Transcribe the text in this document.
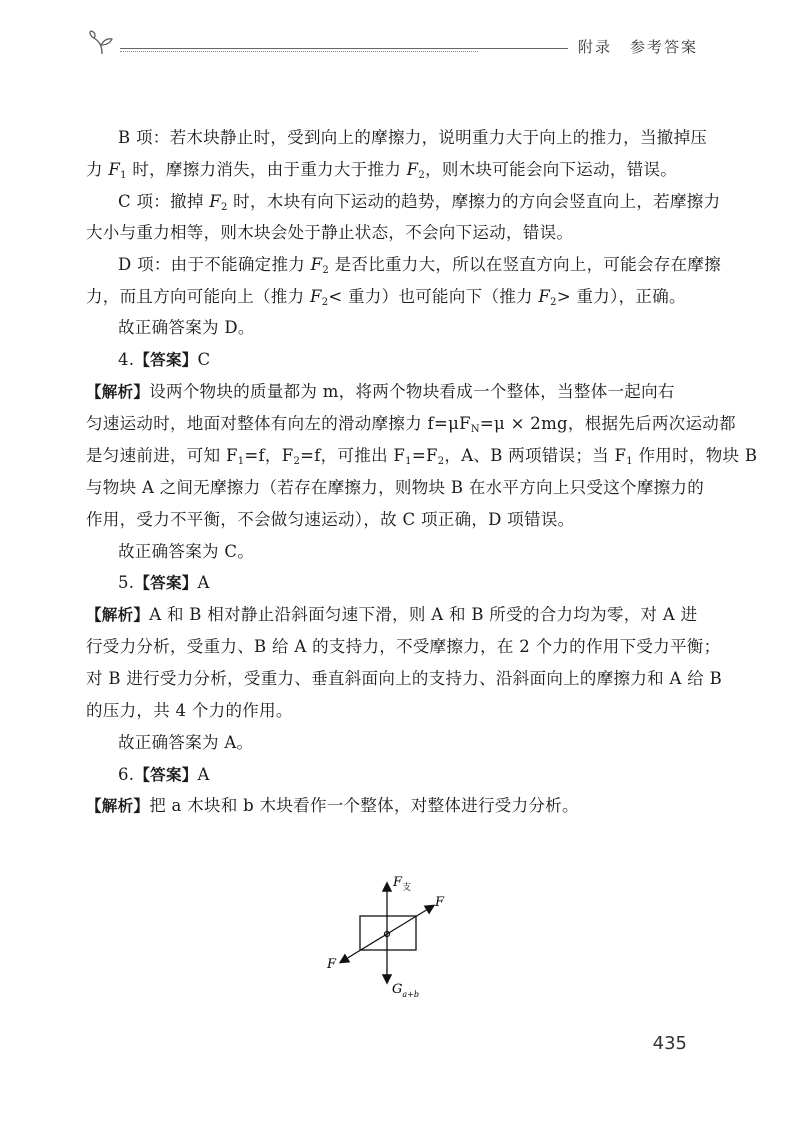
附录 参考答案
B 项：若木块静止时，受到向上的摩擦力，说明重力大于向上的推力，当撤掉压
力 $F_1$ 时，摩擦力消失，由于重力大于推力 $F_2$，则木块可能会向下运动，错误。
C 项：撤掉 $F_2$ 时，木块有向下运动的趋势，摩擦力的方向会竖直向上，若摩擦力
大小与重力相等，则木块会处于静止状态，不会向下运动，错误。
D 项：由于不能确定推力 $F_2$ 是否比重力大，所以在竖直方向上，可能会存在摩擦
力，而且方向可能向上（推力 $F_2<$ 重力）也可能向下（推力 $F_2>$ 重力），正确。
故正确答案为 D。
4.【答案】C
【解析】设两个物块的质量都为 m，将两个物块看成一个整体，当整体一起向右
匀速运动时，地面对整体有向左的滑动摩擦力 $f=\mu F_N=\mu \times 2mg$，根据先后两次运动都
是匀速前进，可知 $F_1=f$，$F_2=f$，可推出 $F_1=F_2$，A、B 两项错误；当 $F_1$ 作用时，物块 B
与物块 A 之间无摩擦力（若存在摩擦力，则物块 B 在水平方向上只受这个摩擦力的
作用，受力不平衡，不会做匀速运动），故 C 项正确，D 项错误。
故正确答案为 C。
5.【答案】A
【解析】A 和 B 相对静止沿斜面匀速下滑，则 A 和 B 所受的合力均为零，对 A 进
行受力分析，受重力、B 给 A 的支持力，不受摩擦力，在 2 个力的作用下受力平衡；
对 B 进行受力分析，受重力、垂直斜面向上的支持力、沿斜面向上的摩擦力和 A 给 B
的压力，共 4 个力的作用。
故正确答案为 A。
6.【答案】A
【解析】把 a 木块和 b 木块看作一个整体，对整体进行受力分析。
$F_支$
F
F
$G_{a+b}$
435
